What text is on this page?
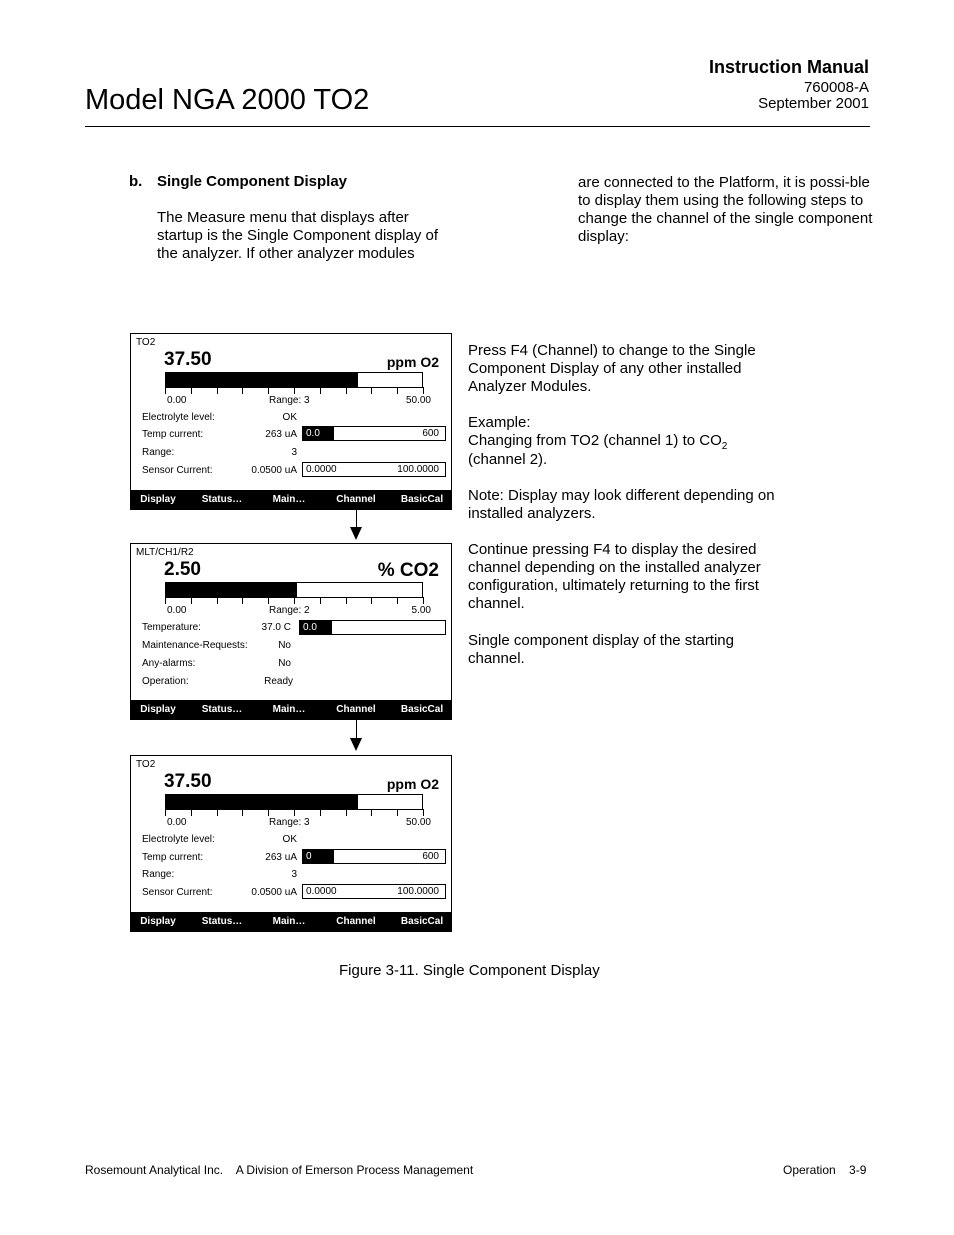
Model NGA 2000 TO2
Instruction Manual
760008-A
September 2001
b. Single Component Display
The Measure menu that displays after startup is the Single Component display of the analyzer. If other analyzer modules
are connected to the Platform, it is possi-ble to display them using the following steps to change the channel of the single component display:
Press F4 (Channel) to change to the Single Component Display of any other installed Analyzer Modules.
Example:
Changing from TO2 (channel 1) to $CO_2$
(channel 2).
Note: Display may look different depending on installed analyzers.
Continue pressing F4 to display the desired channel depending on the installed analyzer configuration, ultimately returning to the first channel.
Single component display of the starting channel.
TO2
37.50	ppm O2
0.00	Range: 3	50.00
Electrolyte level:	OK
Temp current:	263 uA 0.0	600
Range:	3
Sensor Current:	0.0500 uA 0.0000	100.0000
Display	Status…	Main…	Channel	BasicCal
MLT/CH1/R2
2.50	% CO2
0.00	Range: 2	5.00
Temperature:	37.0 C 0.0
Maintenance-Requests:	No
Any-alarms:	No
Operation:	Ready
Display	Status…	Main…	Channel	BasicCal
TO2
37.50	ppm O2
0.00	Range: 3	50.00
Electrolyte level:	OK
Temp current:	263 uA 0	600
Range:	3
Sensor Current:	0.0500 uA 0.0000	100.0000
Display	Status…	Main…	Channel	BasicCal
Figure 3-11. Single Component Display
Rosemount Analytical Inc.    A Division of Emerson Process Management	Operation    3-9
